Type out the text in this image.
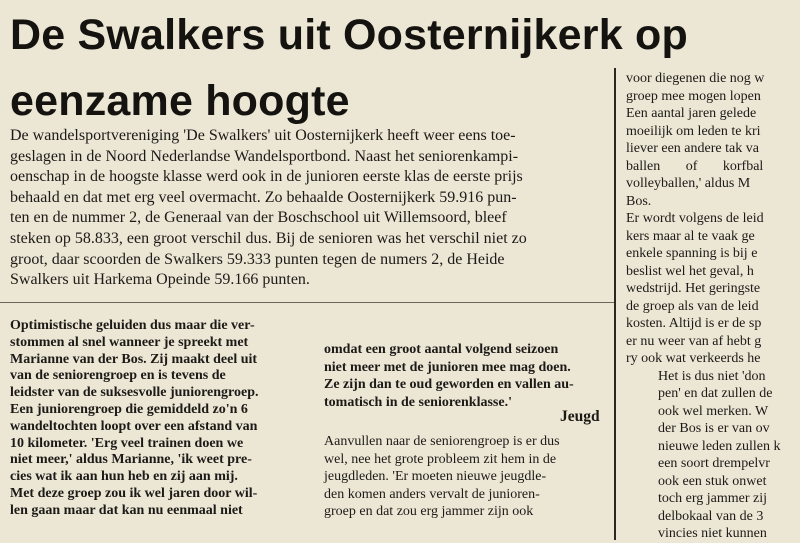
De Swalkers uit Oosternijkerk op
eenzame hoogte
De wandelsportvereniging 'De Swalkers' uit Oosternijkerk heeft weer eens toe-
geslagen in de Noord Nederlandse Wandelsportbond. Naast het seniorenkampi-
oenschap in de hoogste klasse werd ook in de junioren eerste klas de eerste prijs
behaald en dat met erg veel overmacht. Zo behaalde Oosternijkerk 59.916 pun-
ten en de nummer 2, de Generaal van der Boschschool uit Willemsoord, bleef
steken op 58.833, een groot verschil dus. Bij de senioren was het verschil niet zo
groot, daar scoorden de Swalkers 59.333 punten tegen de numers 2, de Heide
Swalkers uit Harkema Opeinde 59.166 punten.
Optimistische geluiden dus maar die ver-
stommen al snel wanneer je spreekt met
Marianne van der Bos. Zij maakt deel uit
van de seniorengroep en is tevens de
leidster van de suksesvolle juniorengroep.
Een juniorengroep die gemiddeld zo'n 6
wandeltochten loopt over een afstand van
10 kilometer. 'Erg veel trainen doen we
niet meer,' aldus Marianne, 'ik weet pre-
cies wat ik aan hun heb en zij aan mij.
Met deze groep zou ik wel jaren door wil-
len gaan maar dat kan nu eenmaal niet
omdat een groot aantal volgend seizoen
niet meer met de junioren mee mag doen.
Ze zijn dan te oud geworden en vallen au-
tomatisch in de seniorenklasse.'
Jeugd
Aanvullen naar de seniorengroep is er dus
wel, nee het grote probleem zit hem in de
jeugdleden. 'Er moeten nieuwe jeugdle-
den komen anders vervalt de junioren-
groep en dat zou erg jammer zijn ook
voor diegenen die nog w
groep mee mogen lopen
Een aantal jaren gelede
moeilijk om leden te kri
liever een andere tak va
ballen of korfbal
volleyballen,' aldus M
Bos.
Er wordt volgens de leid
kers maar al te vaak ge
enkele spanning is bij e
beslist wel het geval, h
wedstrijd. Het geringste
de groep als van de leid
kosten. Altijd is er de sp
er nu weer van af hebt g
ry ook wat verkeerds he
Het is dus niet 'don
pen' en dat zullen de
ook wel merken. W
der Bos is er van ov
nieuwe leden zullen k
een soort drempelvr
ook een stuk onwet
toch erg jammer zij
delbokaal van de 3
vincies niet kunnen
